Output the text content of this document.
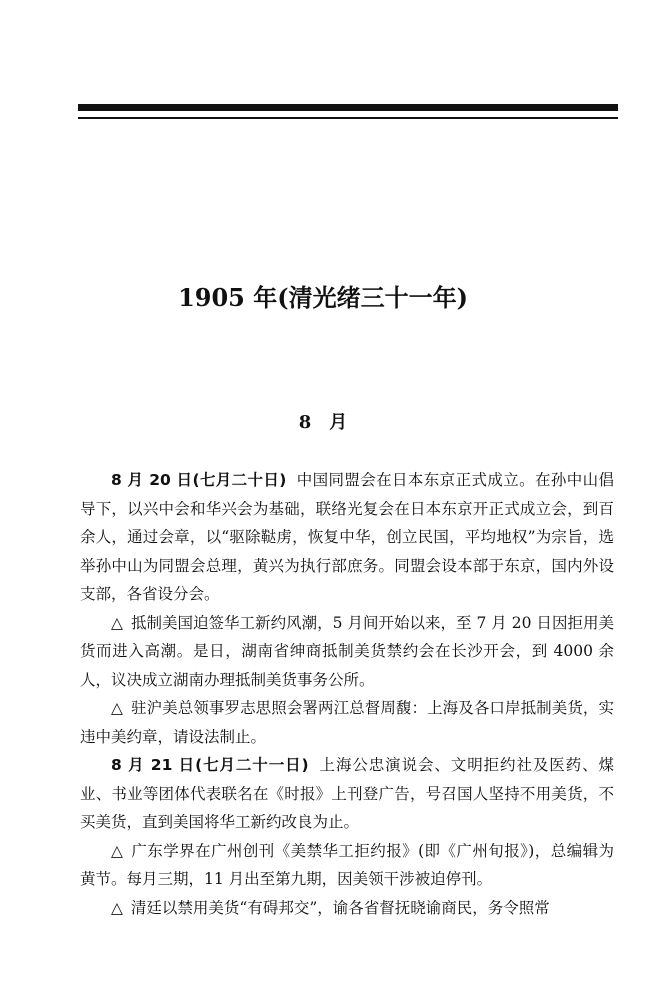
1905 年(清光绪三十一年)
8　月

8 月 20 日(七月二十日) 中国同盟会在日本东京正式成立。在孙中山倡导下，以兴中会和华兴会为基础，联络光复会在日本东京开正式成立会，到百余人，通过会章，以“驱除鞑虏，恢复中华，创立民国，平均地权”为宗旨，选举孙中山为同盟会总理，黄兴为执行部庶务。同盟会设本部于东京，国内外设支部，各省设分会。

△ 抵制美国迫签华工新约风潮，5 月间开始以来，至 7 月 20 日因拒用美货而进入高潮。是日，湖南省绅商抵制美货禁约会在长沙开会，到 4000 余人，议决成立湖南办理抵制美货事务公所。

△ 驻沪美总领事罗志思照会署两江总督周馥：上海及各口岸抵制美货，实违中美约章，请设法制止。

8 月 21 日(七月二十一日) 上海公忠演说会、文明拒约社及医药、煤业、书业等团体代表联名在《时报》上刊登广告，号召国人坚持不用美货，不买美货，直到美国将华工新约改良为止。

△ 广东学界在广州创刊《美禁华工拒约报》(即《广州旬报》)，总编辑为黄节。每月三期，11 月出至第九期，因美领干涉被迫停刊。

△ 清廷以禁用美货“有碍邦交”，谕各省督抚晓谕商民，务令照常
